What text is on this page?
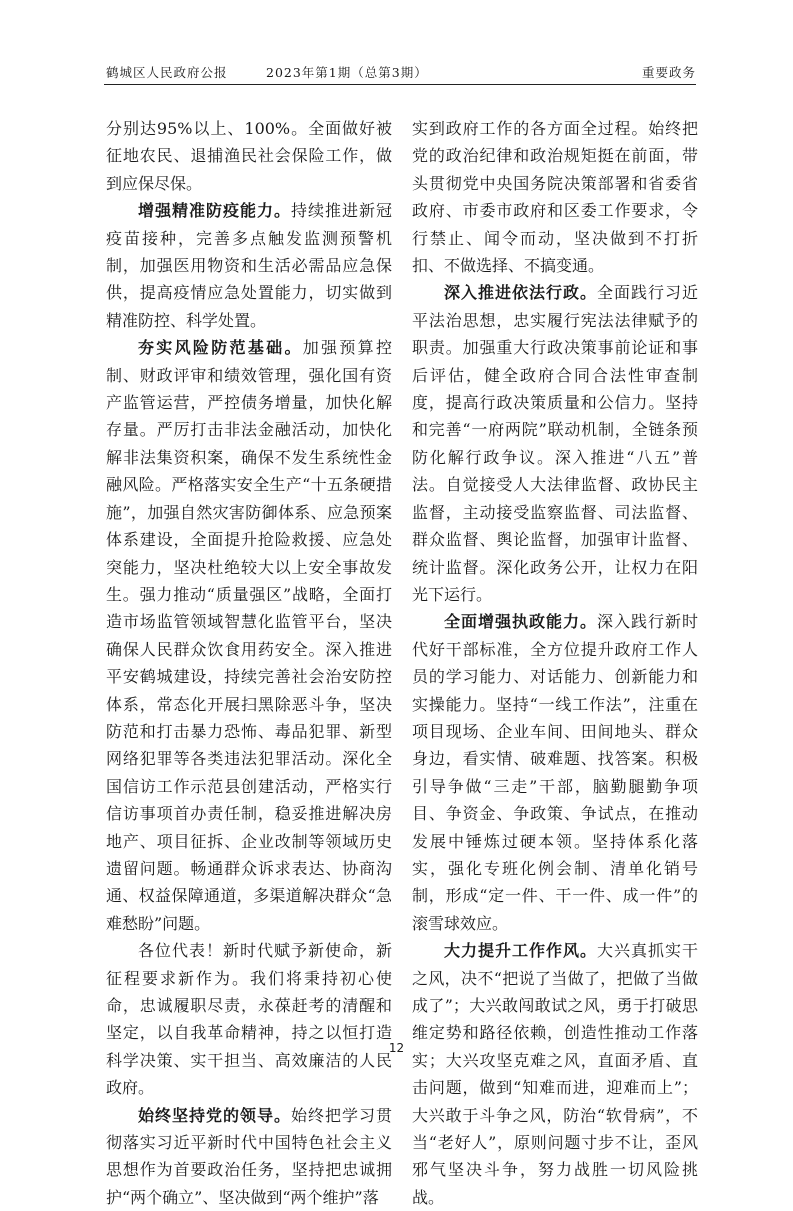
鹤城区人民政府公报	2023年第1期（总第3期）	重要政务

分别达95%以上、100%。全面做好被征地农民、退捕渔民社会保险工作，做到应保尽保。

增强精准防疫能力。持续推进新冠疫苗接种，完善多点触发监测预警机制，加强医用物资和生活必需品应急保供，提高疫情应急处置能力，切实做到精准防控、科学处置。

夯实风险防范基础。加强预算控制、财政评审和绩效管理，强化国有资产监管运营，严控债务增量，加快化解存量。严厉打击非法金融活动，加快化解非法集资积案，确保不发生系统性金融风险。严格落实安全生产“十五条硬措施”，加强自然灾害防御体系、应急预案体系建设，全面提升抢险救援、应急处突能力，坚决杜绝较大以上安全事故发生。强力推动“质量强区”战略，全面打造市场监管领域智慧化监管平台，坚决确保人民群众饮食用药安全。深入推进平安鹤城建设，持续完善社会治安防控体系，常态化开展扫黑除恶斗争，坚决防范和打击暴力恐怖、毒品犯罪、新型网络犯罪等各类违法犯罪活动。深化全国信访工作示范县创建活动，严格实行信访事项首办责任制，稳妥推进解决房地产、项目征拆、企业改制等领域历史遗留问题。畅通群众诉求表达、协商沟通、权益保障通道，多渠道解决群众“急难愁盼”问题。

各位代表！新时代赋予新使命，新征程要求新作为。我们将秉持初心使命，忠诚履职尽责，永葆赶考的清醒和坚定，以自我革命精神，持之以恒打造科学决策、实干担当、高效廉洁的人民政府。

始终坚持党的领导。始终把学习贯彻落实习近平新时代中国特色社会主义思想作为首要政治任务，坚持把忠诚拥护“两个确立”、坚决做到“两个维护”落

实到政府工作的各方面全过程。始终把党的政治纪律和政治规矩挺在前面，带头贯彻党中央国务院决策部署和省委省政府、市委市政府和区委工作要求，令行禁止、闻令而动，坚决做到不打折扣、不做选择、不搞变通。

深入推进依法行政。全面践行习近平法治思想，忠实履行宪法法律赋予的职责。加强重大行政决策事前论证和事后评估，健全政府合同合法性审查制度，提高行政决策质量和公信力。坚持和完善“一府两院”联动机制，全链条预防化解行政争议。深入推进“八五”普法。自觉接受人大法律监督、政协民主监督，主动接受监察监督、司法监督、群众监督、舆论监督，加强审计监督、统计监督。深化政务公开，让权力在阳光下运行。

全面增强执政能力。深入践行新时代好干部标准，全方位提升政府工作人员的学习能力、对话能力、创新能力和实操能力。坚持“一线工作法”，注重在项目现场、企业车间、田间地头、群众身边，看实情、破难题、找答案。积极引导争做“三走”干部，脑勤腿勤争项目、争资金、争政策、争试点，在推动发展中锤炼过硬本领。坚持体系化落实，强化专班化例会制、清单化销号制，形成“定一件、干一件、成一件”的滚雪球效应。

大力提升工作作风。大兴真抓实干之风，决不“把说了当做了，把做了当做成了”；大兴敢闯敢试之风，勇于打破思维定势和路径依赖，创造性推动工作落实；大兴攻坚克难之风，直面矛盾、直击问题，做到“知难而进，迎难而上”；大兴敢于斗争之风，防治“软骨病”，不当“老好人”，原则问题寸步不让，歪风邪气坚决斗争，努力战胜一切风险挑战。

12
